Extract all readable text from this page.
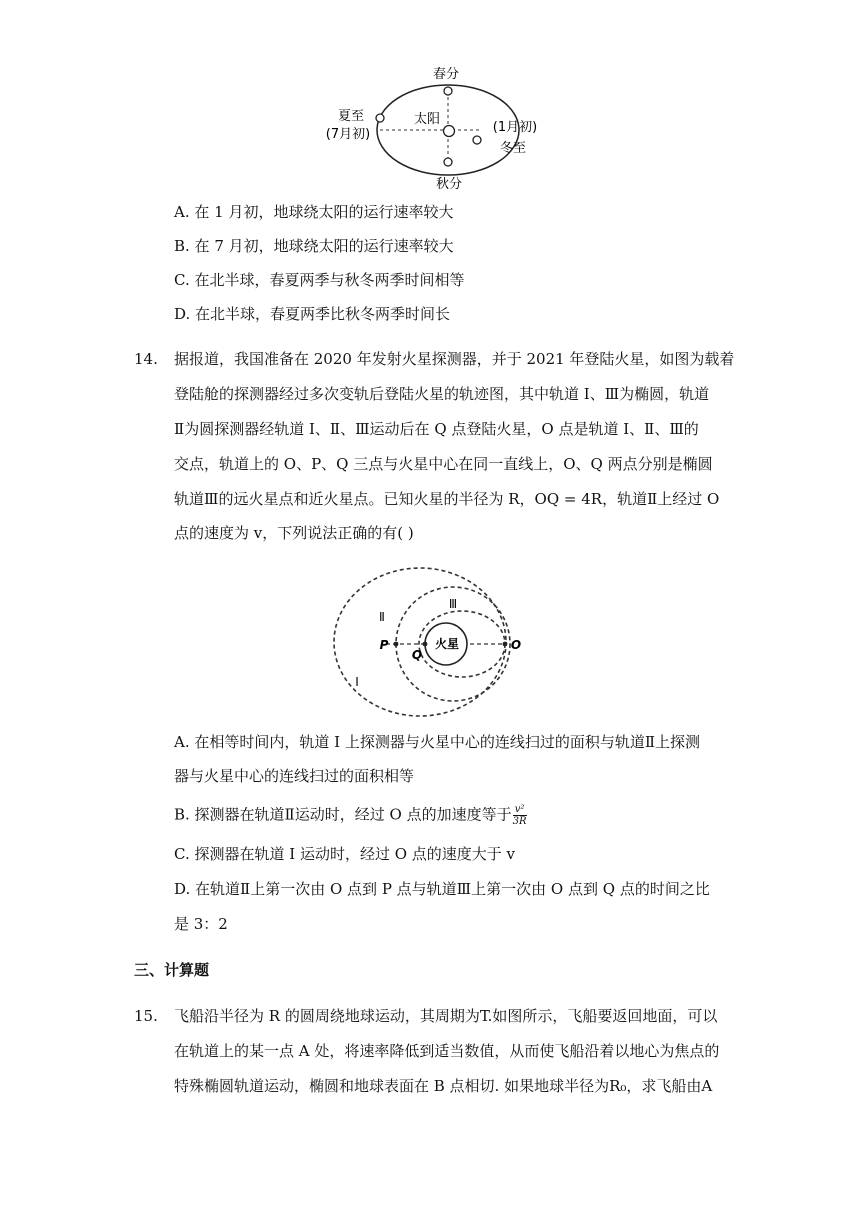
春分
夏至
(7月初)
太阳
(1月初)
冬至
秋分
A. 在 1 月初，地球绕太阳的运行速率较大
B. 在 7 月初，地球绕太阳的运行速率较大
C. 在北半球，春夏两季与秋冬两季时间相等
D. 在北半球，春夏两季比秋冬两季时间长
14. 据报道，我国准备在 2020 年发射火星探测器，并于 2021 年登陆火星，如图为载着
登陆舱的探测器经过多次变轨后登陆火星的轨迹图，其中轨道 I、Ⅲ为椭圆，轨道
Ⅱ为圆探测器经轨道 I、Ⅱ、Ⅲ运动后在 Q 点登陆火星，O 点是轨道 I、Ⅱ、Ⅲ的
交点，轨道上的 O、P、Q 三点与火星中心在同一直线上，O、Q 两点分别是椭圆
轨道Ⅲ的远火星点和近火星点。已知火星的半径为 R，OQ = 4R，轨道Ⅱ上经过 O
点的速度为 v，下列说法正确的有( )
Ⅱ
Ⅲ
I
P
Q
O
火星
A. 在相等时间内，轨道 I 上探测器与火星中心的连线扫过的面积与轨道Ⅱ上探测
器与火星中心的连线扫过的面积相等
B. 探测器在轨道Ⅱ运动时，经过 O 点的加速度等于 $\frac{\text{v²}}{3R}$
C. 探测器在轨道 I 运动时，经过 O 点的速度大于 v
D. 在轨道Ⅱ上第一次由 O 点到 P 点与轨道Ⅲ上第一次由 O 点到 Q 点的时间之比
是 3：2
三、计算题
15. 飞船沿半径为 R 的圆周绕地球运动，其周期为T.如图所示，飞船要返回地面，可以
在轨道上的某一点 A 处，将速率降低到适当数值，从而使飞船沿着以地心为焦点的
特殊椭圆轨道运动，椭圆和地球表面在 B 点相切. 如果地球半径为R₀，求飞船由A
